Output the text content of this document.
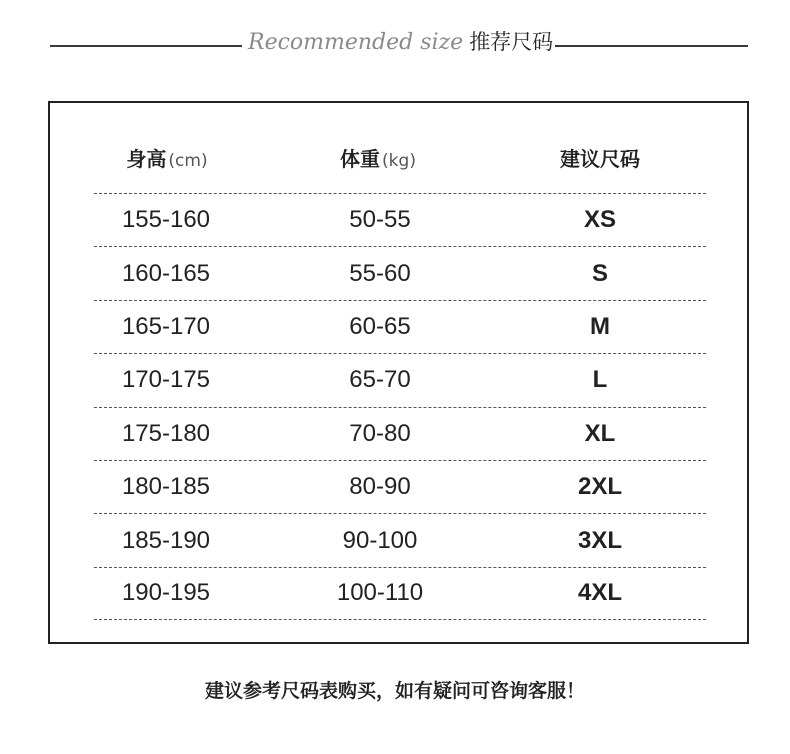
Recommended size 推荐尺码
身高 (cm)	体重 (kg)	建议尺码
155-160	50-55	XS
160-165	55-60	S
165-170	60-65	M
170-175	65-70	L
175-180	70-80	XL
180-185	80-90	2XL
185-190	90-100	3XL
190-195	100-110	4XL
建议参考尺码表购买，如有疑问可咨询客服！
